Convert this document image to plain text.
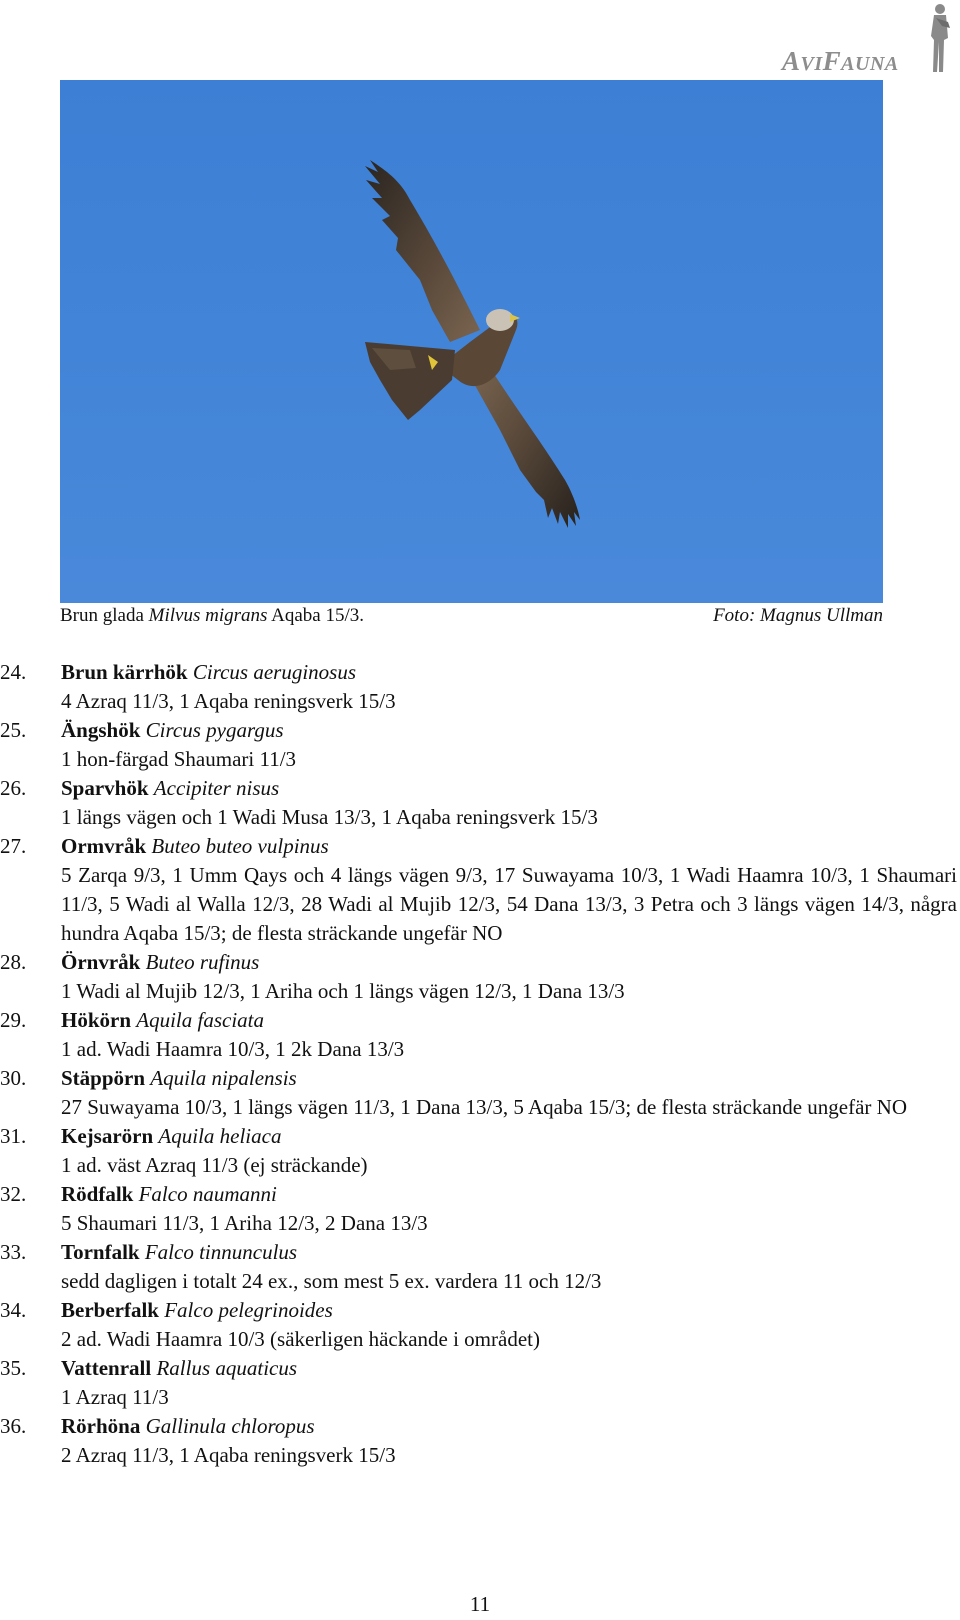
AVIFAUNA
Brun glada Milvus migrans Aqaba 15/3.	Foto: Magnus Ullman
24. Brun kärrhök Circus aeruginosus
4 Azraq 11/3, 1 Aqaba reningsverk 15/3
25. Ängshök Circus pygargus
1 hon-färgad Shaumari 11/3
26. Sparvhök Accipiter nisus
1 längs vägen och 1 Wadi Musa 13/3, 1 Aqaba reningsverk 15/3
27. Ormvråk Buteo buteo vulpinus
5 Zarqa 9/3, 1 Umm Qays och 4 längs vägen 9/3, 17 Suwayama 10/3, 1 Wadi Haamra 10/3, 1 Shaumari 11/3, 5 Wadi al Walla 12/3, 28 Wadi al Mujib 12/3, 54 Dana 13/3, 3 Petra och 3 längs vägen 14/3, några hundra Aqaba 15/3; de flesta sträckande ungefär NO
28. Örnvråk Buteo rufinus
1 Wadi al Mujib 12/3, 1 Ariha och 1 längs vägen 12/3, 1 Dana 13/3
29. Hökörn Aquila fasciata
1 ad. Wadi Haamra 10/3, 1 2k Dana 13/3
30. Stäppörn Aquila nipalensis
27 Suwayama 10/3, 1 längs vägen 11/3, 1 Dana 13/3, 5 Aqaba 15/3; de flesta sträckande ungefär NO
31. Kejsarörn Aquila heliaca
1 ad. väst Azraq 11/3 (ej sträckande)
32. Rödfalk Falco naumanni
5 Shaumari 11/3, 1 Ariha 12/3, 2 Dana 13/3
33. Tornfalk Falco tinnunculus
sedd dagligen i totalt 24 ex., som mest 5 ex. vardera 11 och 12/3
34. Berberfalk Falco pelegrinoides
2 ad. Wadi Haamra 10/3 (säkerligen häckande i området)
35. Vattenrall Rallus aquaticus
1 Azraq 11/3
36. Rörhöna Gallinula chloropus
2 Azraq 11/3, 1 Aqaba reningsverk 15/3
11
